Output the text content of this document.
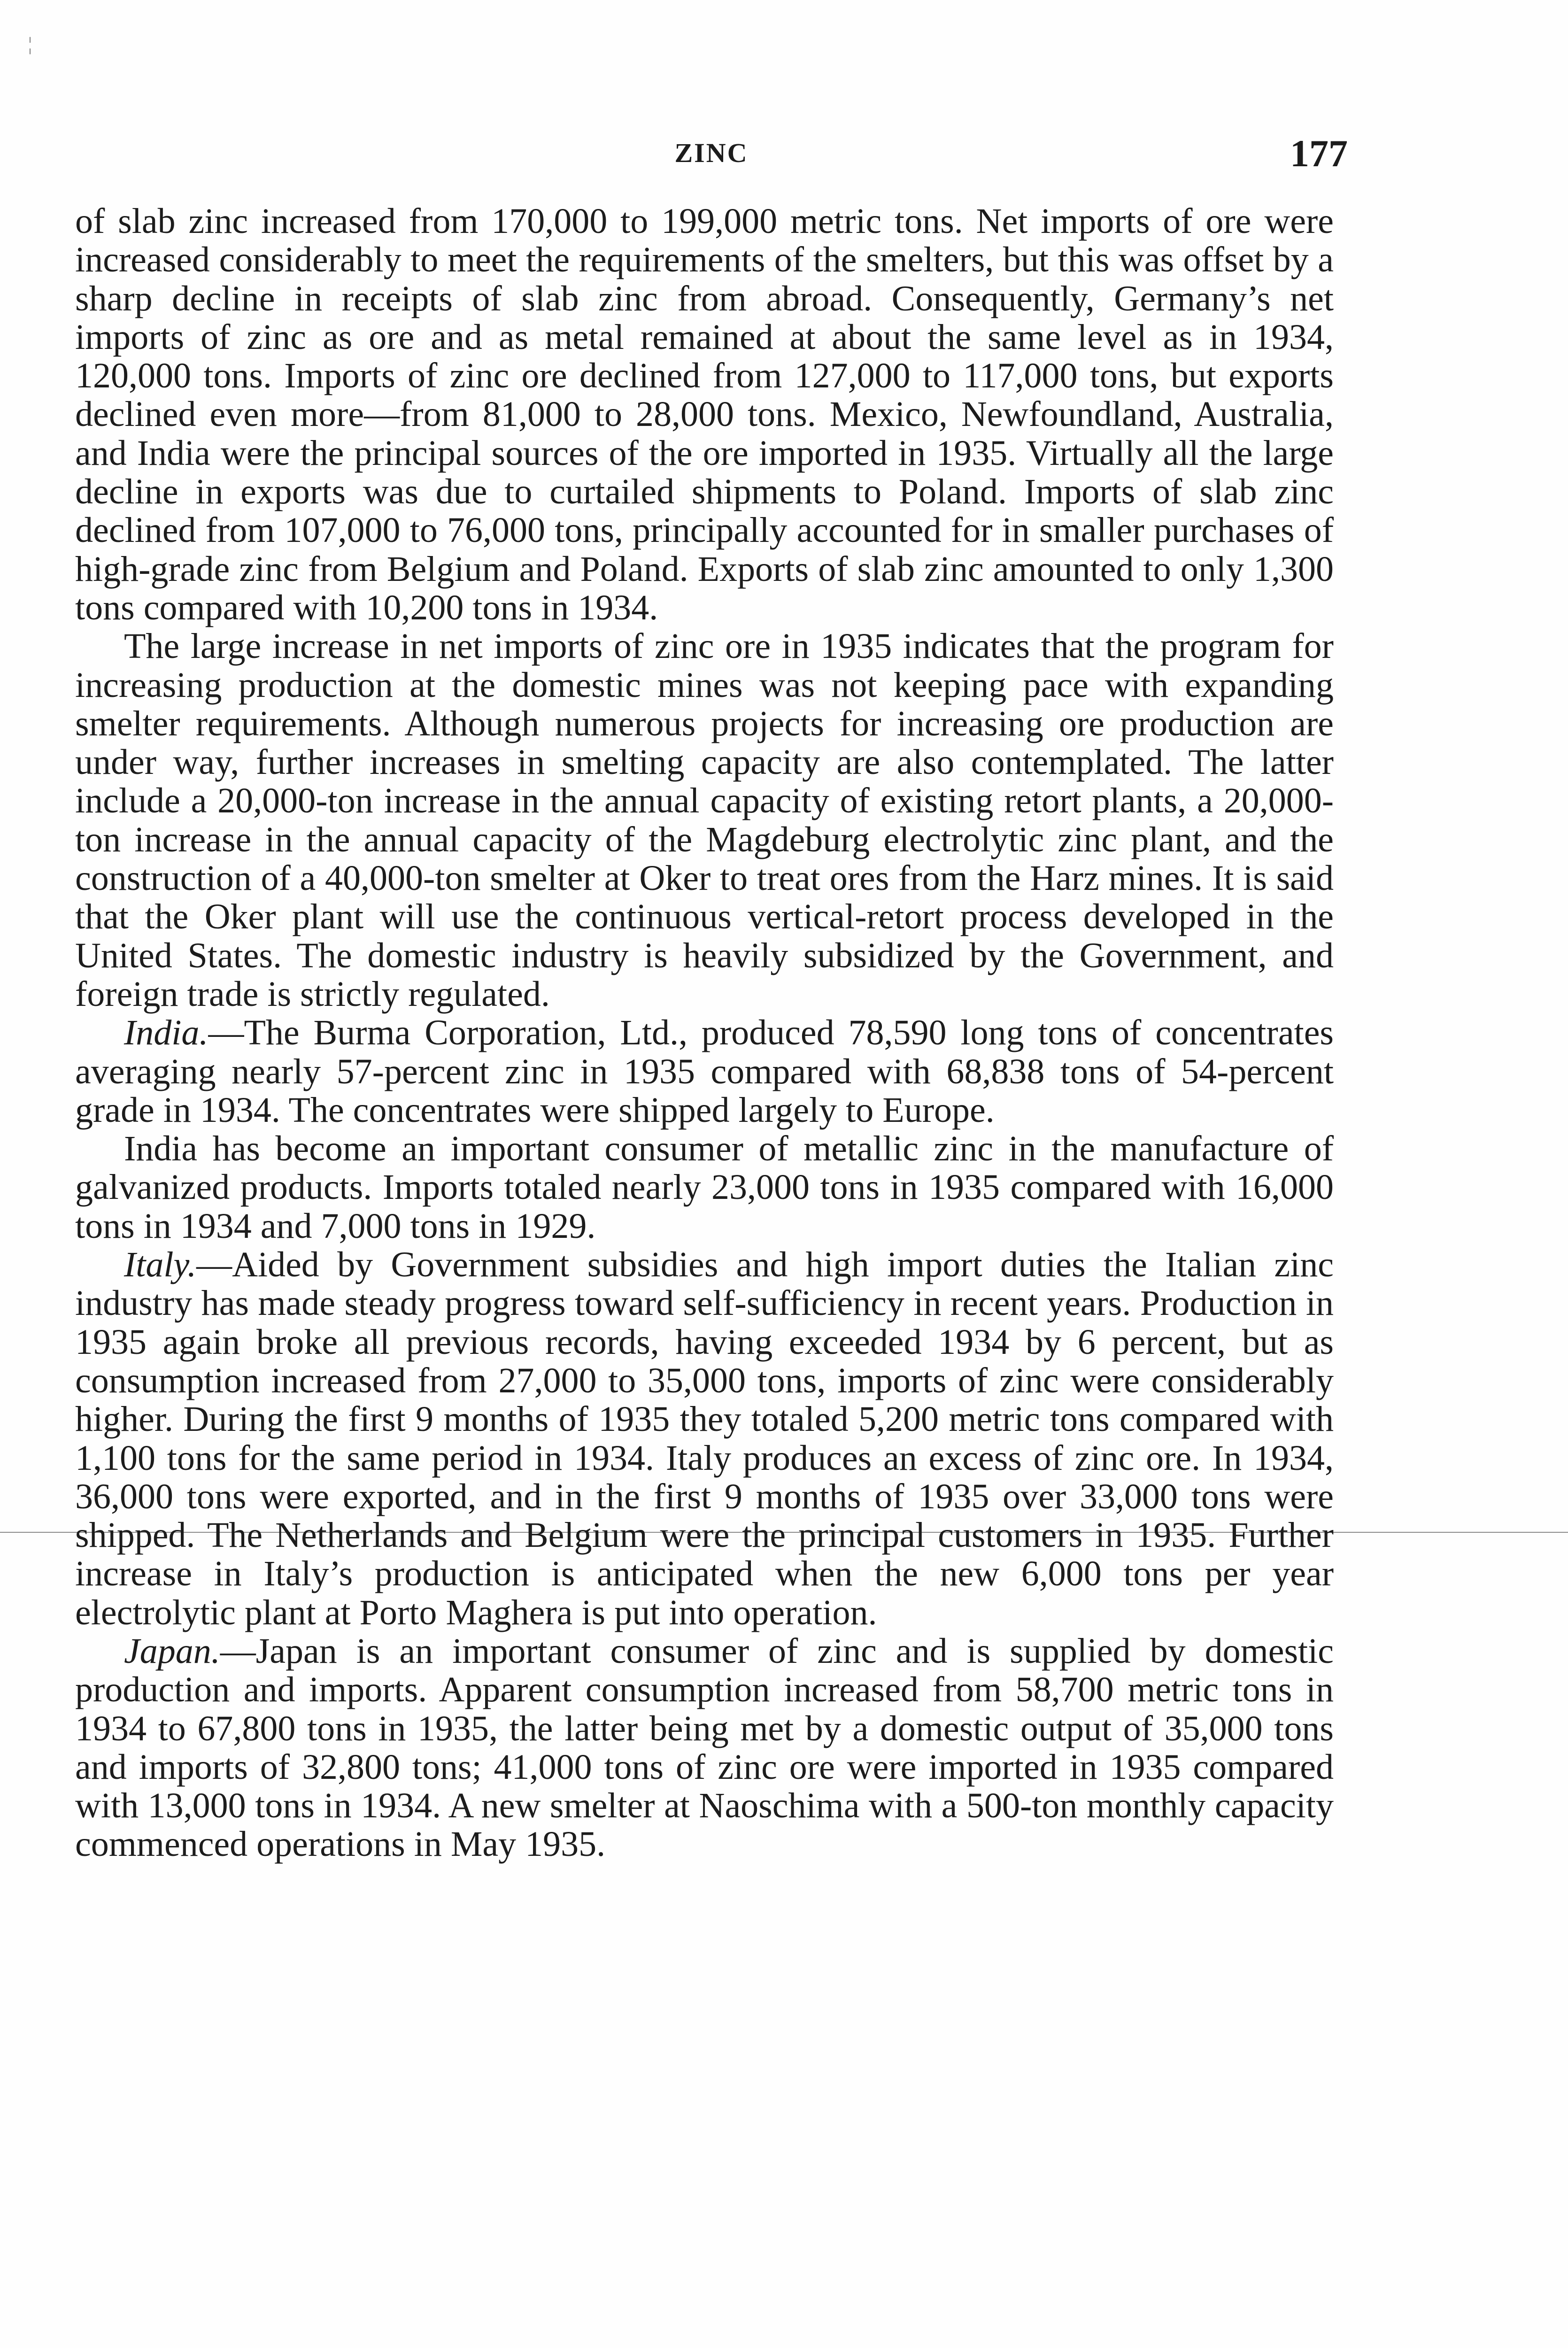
ZINC	177
¦

of slab zinc increased from 170,000 to 199,000 metric tons. Net imports of ore were increased considerably to meet the requirements of the smelters, but this was offset by a sharp decline in receipts of slab zinc from abroad. Consequently, Germany’s net imports of zinc as ore and as metal remained at about the same level as in 1934, 120,000 tons. Imports of zinc ore declined from 127,000 to 117,000 tons, but exports declined even more—from 81,000 to 28,000 tons. Mexico, Newfoundland, Australia, and India were the principal sources of the ore imported in 1935. Virtually all the large decline in exports was due to curtailed shipments to Poland. Imports of slab zinc declined from 107,000 to 76,000 tons, principally accounted for in smaller purchases of high-grade zinc from Belgium and Poland. Exports of slab zinc amounted to only 1,300 tons compared with 10,200 tons in 1934.

The large increase in net imports of zinc ore in 1935 indicates that the program for increasing production at the domestic mines was not keeping pace with expanding smelter requirements. Although numerous projects for increasing ore production are under way, further increases in smelting capacity are also contemplated. The latter include a 20,000-ton increase in the annual capacity of existing retort plants, a 20,000-ton increase in the annual capacity of the Magdeburg electrolytic zinc plant, and the construction of a 40,000-ton smelter at Oker to treat ores from the Harz mines. It is said that the Oker plant will use the continuous vertical-retort process developed in the United States. The domestic industry is heavily subsidized by the Government, and foreign trade is strictly regulated.

India.—The Burma Corporation, Ltd., produced 78,590 long tons of concentrates averaging nearly 57-percent zinc in 1935 compared with 68,838 tons of 54-percent grade in 1934. The concentrates were shipped largely to Europe.

India has become an important consumer of metallic zinc in the manufacture of galvanized products. Imports totaled nearly 23,000 tons in 1935 compared with 16,000 tons in 1934 and 7,000 tons in 1929.

Italy.—Aided by Government subsidies and high import duties the Italian zinc industry has made steady progress toward self-sufficiency in recent years. Production in 1935 again broke all previous records, having exceeded 1934 by 6 percent, but as consumption increased from 27,000 to 35,000 tons, imports of zinc were considerably higher. During the first 9 months of 1935 they totaled 5,200 metric tons compared with 1,100 tons for the same period in 1934. Italy produces an excess of zinc ore. In 1934, 36,000 tons were exported, and in the first 9 months of 1935 over 33,000 tons were shipped. The Netherlands and Belgium were the principal customers in 1935. Further increase in Italy’s production is anticipated when the new 6,000 tons per year electrolytic plant at Porto Maghera is put into operation.

Japan.—Japan is an important consumer of zinc and is supplied by domestic production and imports. Apparent consumption increased from 58,700 metric tons in 1934 to 67,800 tons in 1935, the latter being met by a domestic output of 35,000 tons and imports of 32,800 tons; 41,000 tons of zinc ore were imported in 1935 compared with 13,000 tons in 1934. A new smelter at Naoschima with a 500-ton monthly capacity commenced operations in May 1935.
